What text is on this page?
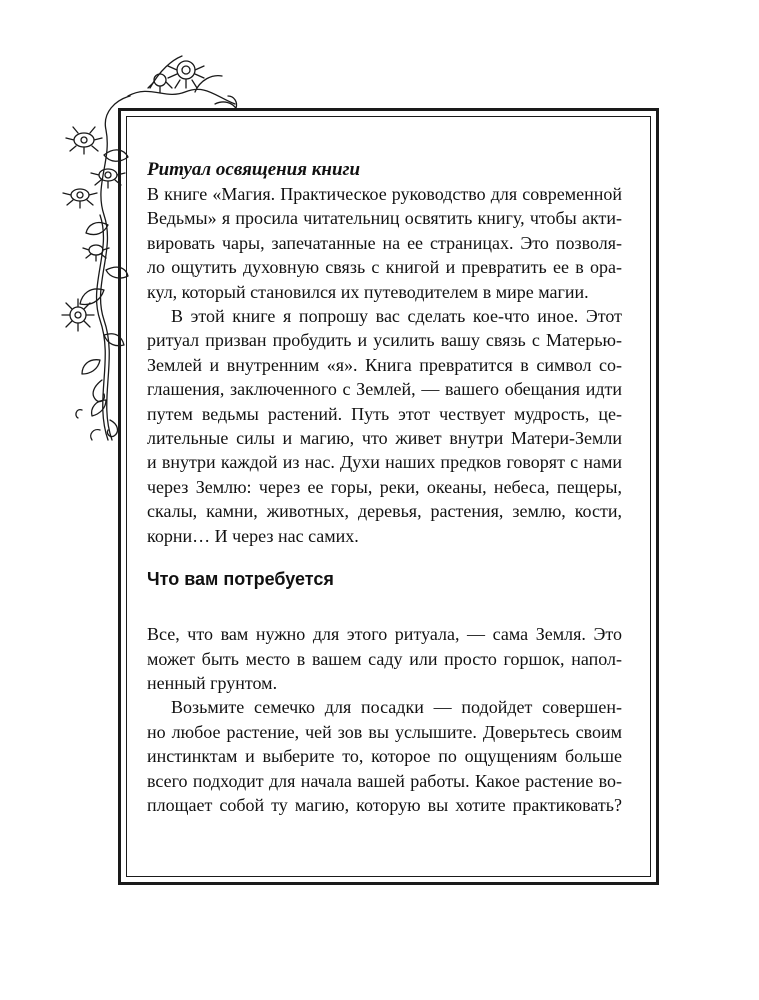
Ритуал освящения книги
В книге «Магия. Практическое руководство для современной
Ведьмы» я просила читательниц освятить книгу, чтобы акти-
вировать чары, запечатанные на ее страницах. Это позволя-
ло ощутить духовную связь с книгой и превратить ее в ора-
кул, который становился их путеводителем в мире магии.
В этой книге я попрошу вас сделать кое-что иное. Этот
ритуал призван пробудить и усилить вашу связь с Матерью-
Землей и внутренним «я». Книга превратится в символ со-
глашения, заключенного с Землей, — вашего обещания идти
путем ведьмы растений. Путь этот чествует мудрость, це-
лительные силы и магию, что живет внутри Матери-Земли
и внутри каждой из нас. Духи наших предков говорят с нами
через Землю: через ее горы, реки, океаны, небеса, пещеры,
скалы, камни, животных, деревья, растения, землю, кости,
корни… И через нас самих.
Что вам потребуется
Все, что вам нужно для этого ритуала, — сама Земля. Это
может быть место в вашем саду или просто горшок, напол-
ненный грунтом.
Возьмите семечко для посадки — подойдет совершен-
но любое растение, чей зов вы услышите. Доверьтесь своим
инстинктам и выберите то, которое по ощущениям больше
всего подходит для начала вашей работы. Какое растение во-
площает собой ту магию, которую вы хотите практиковать?
